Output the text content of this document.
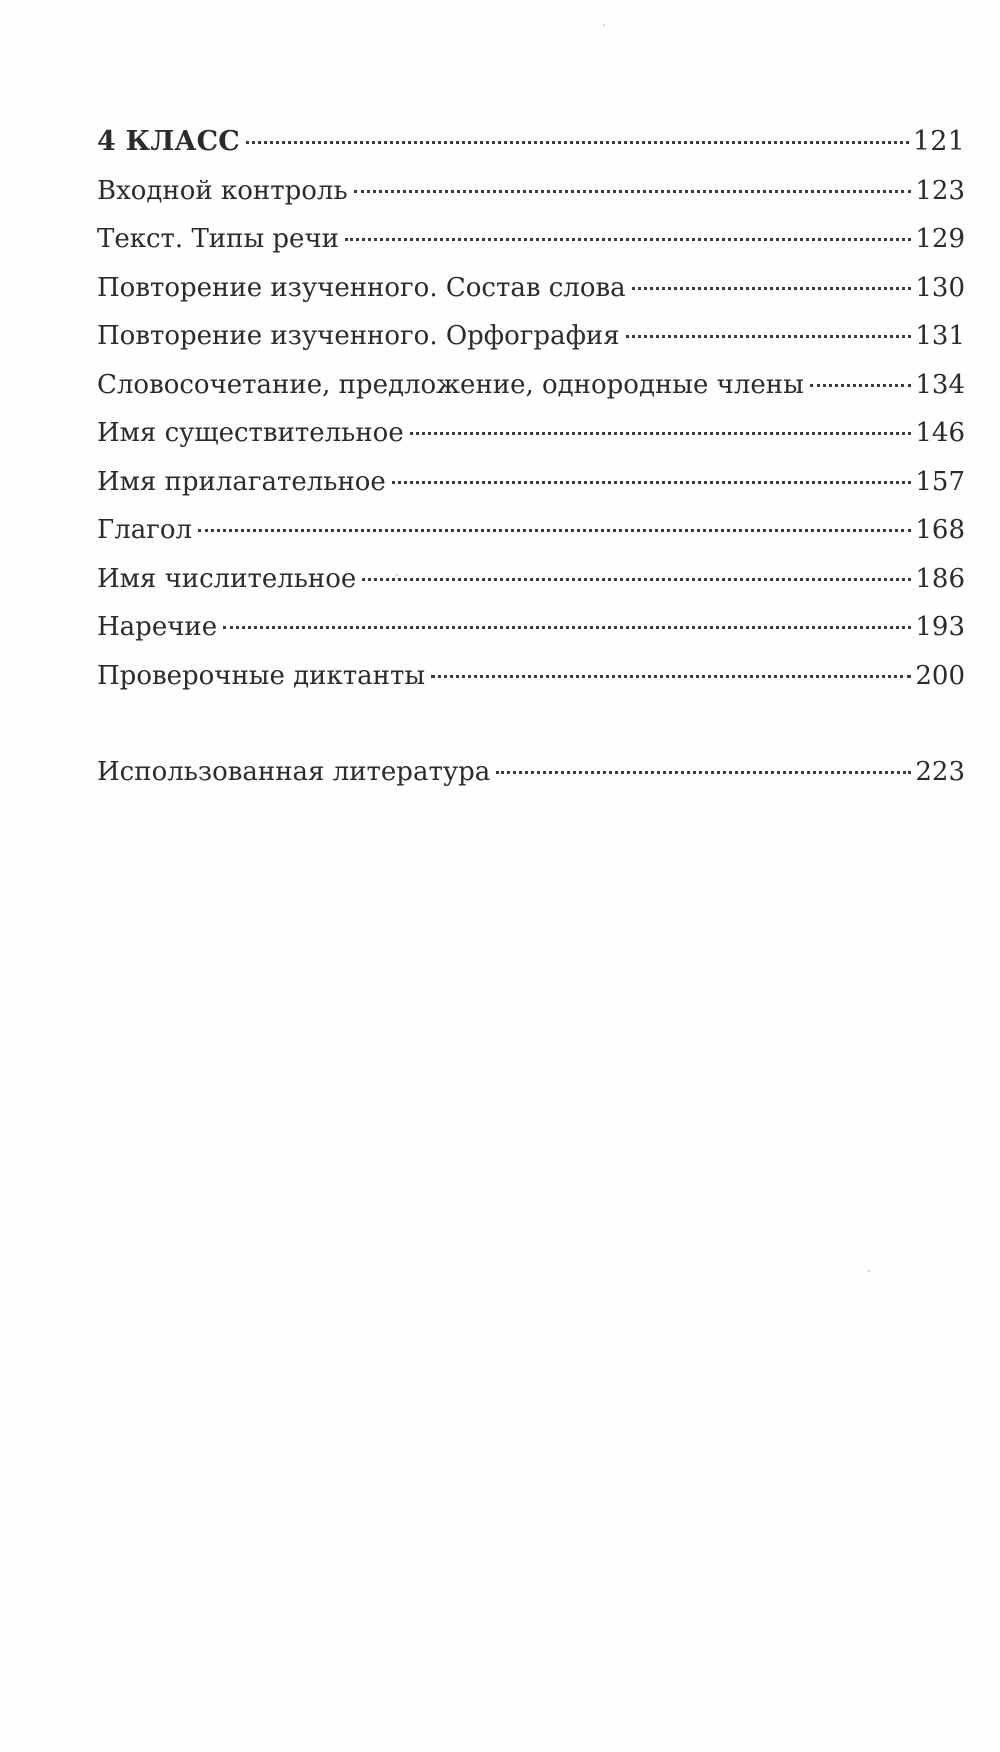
4 КЛАСС	121
Входной контроль	123
Текст. Типы речи	129
Повторение изученного. Состав слова	130
Повторение изученного. Орфография	131
Словосочетание, предложение, однородные члены	134
Имя существительное	146
Имя прилагательное	157
Глагол	168
Имя числительное	186
Наречие	193
Проверочные диктанты	200
Использованная литература	223
